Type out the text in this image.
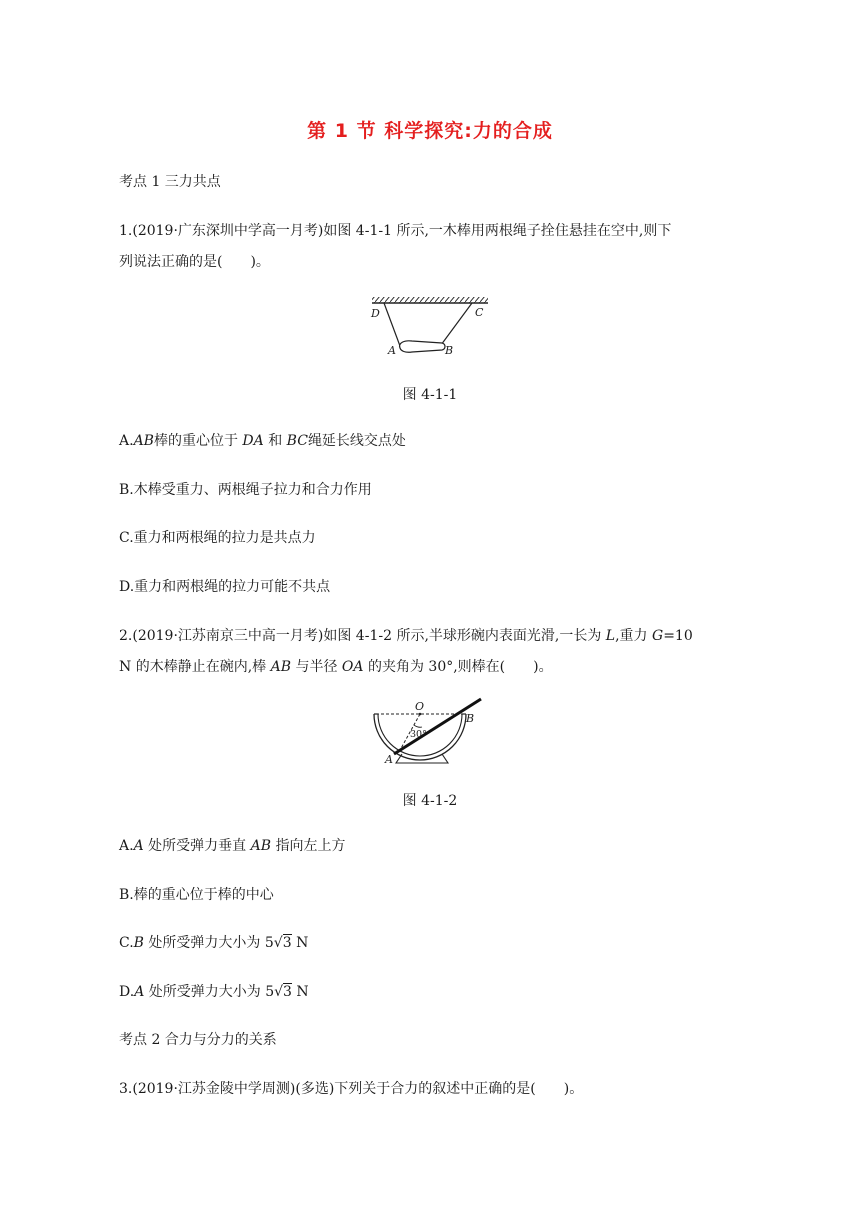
第 1 节 科学探究:力的合成
考点 1 三力共点
1.(2019·广东深圳中学高一月考)如图 4-1-1 所示,一木棒用两根绳子拴住悬挂在空中,则下
列说法正确的是(　　)。
D	C
A	B
图 4-1-1
A.AB棒的重心位于 DA 和 BC绳延长线交点处
B.木棒受重力、两根绳子拉力和合力作用
C.重力和两根绳的拉力是共点力
D.重力和两根绳的拉力可能不共点
2.(2019·江苏南京三中高一月考)如图 4-1-2 所示,半球形碗内表面光滑,一长为 L,重力 G=10
N 的木棒静止在碗内,棒 AB 与半径 OA 的夹角为 30°,则棒在(　　)。
O
B
A
30°
图 4-1-2
A.A 处所受弹力垂直 AB 指向左上方
B.棒的重心位于棒的中心
C.B 处所受弹力大小为 5√3 N
D.A 处所受弹力大小为 5√3 N
考点 2 合力与分力的关系
3.(2019·江苏金陵中学周测)(多选)下列关于合力的叙述中正确的是(　　)。
